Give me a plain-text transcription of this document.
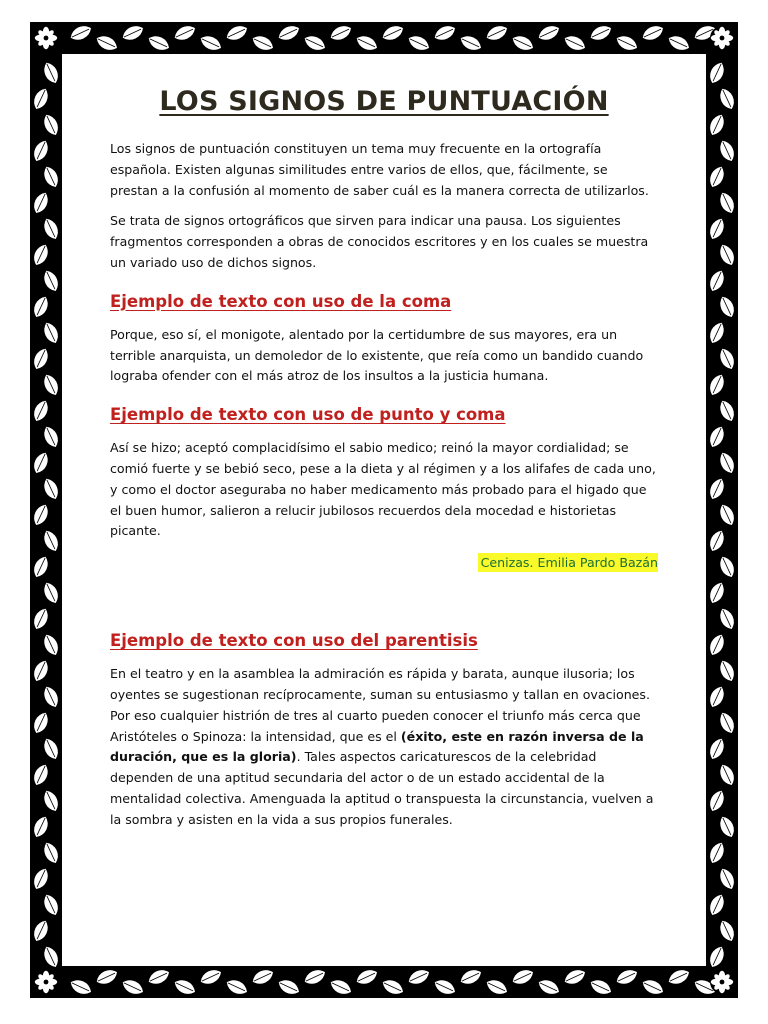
LOS SIGNOS DE PUNTUACIÓN

Los signos de puntuación constituyen un tema muy frecuente en la ortografía española. Existen algunas similitudes entre varios de ellos, que, fácilmente, se prestan a la confusión al momento de saber cuál es la manera correcta de utilizarlos.

Se trata de signos ortográficos que sirven para indicar una pausa. Los siguientes fragmentos corresponden a obras de conocidos escritores y en los cuales se muestra un variado uso de dichos signos.

Ejemplo de texto con uso de la coma

Porque, eso sí, el monigote, alentado por la certidumbre de sus mayores, era un terrible anarquista, un demoledor de lo existente, que reía como un bandido cuando lograba ofender con el más atroz de los insultos a la justicia humana.

Ejemplo de texto con uso de punto y coma

Así se hizo; aceptó complacidísimo el sabio medico; reinó la mayor cordialidad; se comió fuerte y se bebió seco, pese a la dieta y al régimen y a los alifafes de cada uno, y como el doctor aseguraba no haber medicamento más probado para el higado que el buen humor, salieron a relucir jubilosos recuerdos dela mocedad e historietas picante.

Cenizas. Emilia Pardo Bazán
Ejemplo de texto con uso del parentisis

En el teatro y en la asamblea la admiración es rápida y barata, aunque ilusoria; los oyentes se sugestionan recíprocamente, suman su entusiasmo y tallan en ovaciones. Por eso cualquier histrión de tres al cuarto pueden conocer el triunfo más cerca que Aristóteles o Spinoza: la intensidad, que es el (éxito, este en razón inversa de la duración, que es la gloria). Tales aspectos caricaturescos de la celebridad dependen de una aptitud secundaria del actor o de un estado accidental de la mentalidad colectiva. Amenguada la aptitud o transpuesta la circunstancia, vuelven a la sombra y asisten en la vida a sus propios funerales.
